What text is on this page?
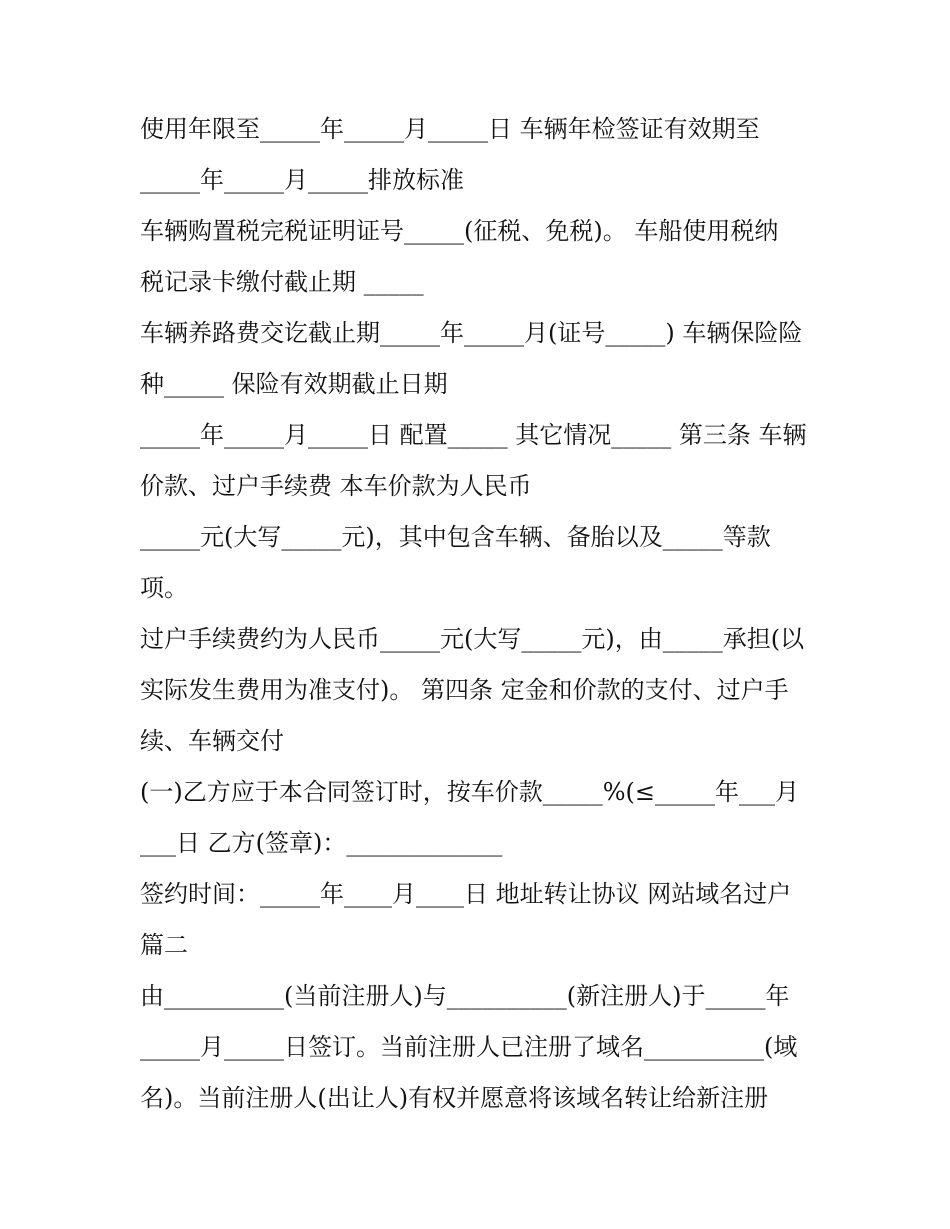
使用年限至_____年_____月_____日 车辆年检签证有效期至
_____年_____月_____排放标准
车辆购置税完税证明证号_____(征税、免税)。 车船使用税纳
税记录卡缴付截止期 _____
车辆养路费交讫截止期_____年_____月(证号_____) 车辆保险险
种_____ 保险有效期截止日期
_____年_____月_____日 配置_____ 其它情况_____ 第三条 车辆
价款、过户手续费 本车价款为人民币
_____元(大写_____元)，其中包含车辆、备胎以及_____等款
项。
过户手续费约为人民币_____元(大写_____元)，由_____承担(以
实际发生费用为准支付)。 第四条 定金和价款的支付、过户手
续、车辆交付
(一)乙方应于本合同签订时，按车价款_____%(≤_____年___月
___日 乙方(签章)：_____________
签约时间：_____年____月____日 地址转让协议 网站域名过户
篇二
由__________(当前注册人)与__________(新注册人)于_____年
_____月_____日签订。当前注册人已注册了域名__________(域
名)。当前注册人(出让人)有权并愿意将该域名转让给新注册
